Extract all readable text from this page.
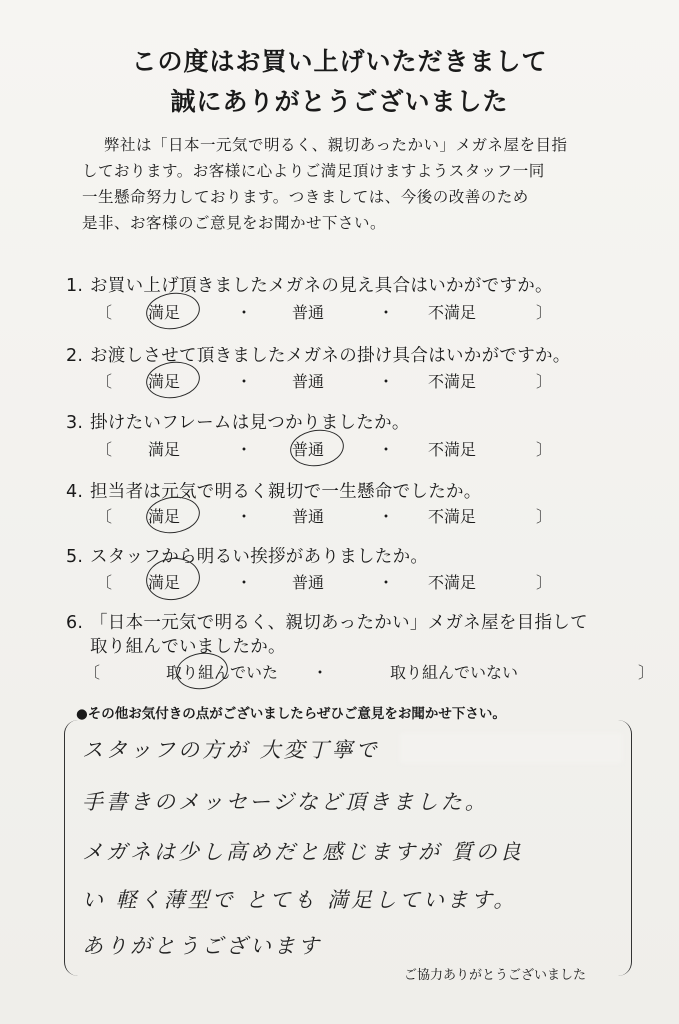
この度はお買い上げいただきまして
誠にありがとうございました

弊社は「日本一元気で明るく、親切あったかい」メガネ屋を目指

しております。お客様に心よりご満足頂けますようスタッフ一同

一生懸命努力しております。つきましては、今後の改善のため

是非、お客様のご意見をお聞かせ下さい。

1. お買い上げ頂きましたメガネの見え具合はいかがですか。
〔 満足	・ 普通	・ 不満足	〕
2. お渡しさせて頂きましたメガネの掛け具合はいかがですか。
〔 満足	・ 普通	・ 不満足	〕
3. 掛けたいフレームは見つかりましたか。
〔 満足	・ 普通	・ 不満足	〕
4. 担当者は元気で明るく親切で一生懸命でしたか。
〔 満足	・ 普通	・ 不満足	〕
5. スタッフから明るい挨拶がありましたか。
〔 満足	・ 普通	・ 不満足	〕
6. 「日本一元気で明るく、親切あったかい」メガネ屋を目指して
取り組んでいましたか。
〔	取り組んでいた ・	取り組んでいない	〕
●その他お気付きの点がございましたらぜひご意見をお聞かせ下さい。
スタッフの方が 大変丁寧で
手書きのメッセージなど頂きました。
メガネは少し高めだと感じますが 質の良
い 軽く薄型で とても 満足しています。
ありがとうございます
ご協力ありがとうございました
